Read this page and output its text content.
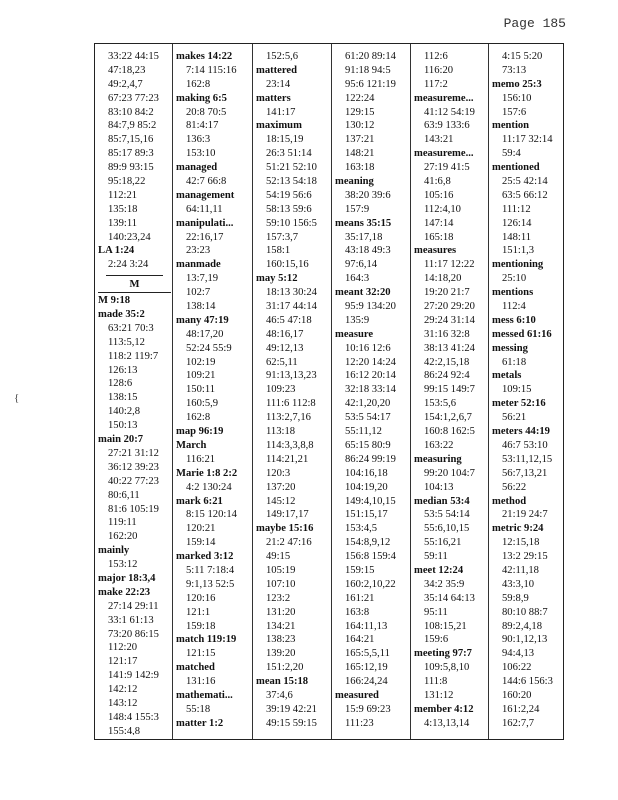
Page 185
{
33:22 44:15
47:18,23
49:2,4,7
67:23 77:23
83:10 84:2
84:7,9 85:2
85:7,15,16
85:17 89:3
89:9 93:15
95:18,22
112:21
135:18
139:11
140:23,24
LA 1:24
2:24 3:24
M
M 9:18
made 35:2
63:21 70:3
113:5,12
118:2 119:7
126:13
128:6
138:15
140:2,8
150:13
main 20:7
27:21 31:12
36:12 39:23
40:22 77:23
80:6,11
81:6 105:19
119:11
162:20
mainly
153:12
major 18:3,4
make 22:23
27:14 29:11
33:1 61:13
73:20 86:15
112:20
121:17
141:9 142:9
142:12
143:12
148:4 155:3
155:4,8
makes 14:22
7:14 115:16
162:8
making 6:5
20:8 70:5
81:4:17
136:3
153:10
managed
42:7 66:8
management
64:11,11
manipulati...
22:16,17
23:23
manmade
13:7,19
102:7
138:14
many 47:19
48:17,20
52:24 55:9
102:19
109:21
150:11
160:5,9
162:8
map 96:19
March
116:21
Marie 1:8 2:2
4:2 130:24
mark 6:21
8:15 120:14
120:21
159:14
marked 3:12
5:11 7:18:4
9:1,13 52:5
120:16
121:1
159:18
match 119:19
121:15
matched
131:16
mathemati...
55:18
matter 1:2
152:5,6
mattered
23:14
matters
141:17
maximum
18:15,19
26:3 51:14
51:21 52:10
52:13 54:18
54:19 56:6
58:13 59:6
59:10 156:5
157:3,7
158:1
160:15,16
may 5:12
18:13 30:24
31:17 44:14
46:5 47:18
48:16,17
49:12,13
62:5,11
91:13,13,23
109:23
111:6 112:8
113:2,7,16
113:18
114:3,3,8,8
114:21,21
120:3
137:20
145:12
149:17,17
maybe 15:16
21:2 47:16
49:15
105:19
107:10
123:2
131:20
134:21
138:23
139:20
151:2,20
mean 15:18
37:4,6
39:19 42:21
49:15 59:15
61:20 89:14
91:18 94:5
95:6 121:19
122:24
129:15
130:12
137:21
148:21
163:18
meaning
38:20 39:6
157:9
means 35:15
35:17,18
43:18 49:3
97:6,14
164:3
meant 32:20
95:9 134:20
135:9
measure
10:16 12:6
12:20 14:24
16:12 20:14
32:18 33:14
42:1,20,20
53:5 54:17
55:11,12
65:15 80:9
86:24 99:19
104:16,18
104:19,20
149:4,10,15
151:15,17
153:4,5
154:8,9,12
156:8 159:4
159:15
160:2,10,22
161:21
163:8
164:11,13
164:21
165:5,5,11
165:12,19
166:24,24
measured
15:9 69:23
111:23
112:6
116:20
117:2
measureme...
41:12 54:19
63:9 133:6
143:21
measureme...
27:19 41:5
41:6,8
105:16
112:4,10
147:14
165:18
measures
11:17 12:22
14:18,20
19:20 21:7
27:20 29:20
29:24 31:14
31:16 32:8
38:13 41:24
42:2,15,18
86:24 92:4
99:15 149:7
153:5,6
154:1,2,6,7
160:8 162:5
163:22
measuring
99:20 104:7
104:13
median 53:4
53:5 54:14
55:6,10,15
55:16,21
59:11
meet 12:24
34:2 35:9
35:14 64:13
95:11
108:15,21
159:6
meeting 97:7
109:5,8,10
111:8
131:12
member 4:12
4:13,13,14
4:15 5:20
73:13
memo 25:3
156:10
157:6
mention
11:17 32:14
59:4
mentioned
25:5 42:14
63:5 66:12
111:12
126:14
148:11
151:1,3
mentioning
25:10
mentions
112:4
mess 6:10
messed 61:16
messing
61:18
metals
109:15
meter 52:16
56:21
meters 44:19
46:7 53:10
53:11,12,15
56:7,13,21
56:22
method
21:19 24:7
metric 9:24
12:15,18
13:2 29:15
42:11,18
43:3,10
59:8,9
80:10 88:7
89:2,4,18
90:1,12,13
94:4,13
106:22
144:6 156:3
160:20
161:2,24
162:7,7
